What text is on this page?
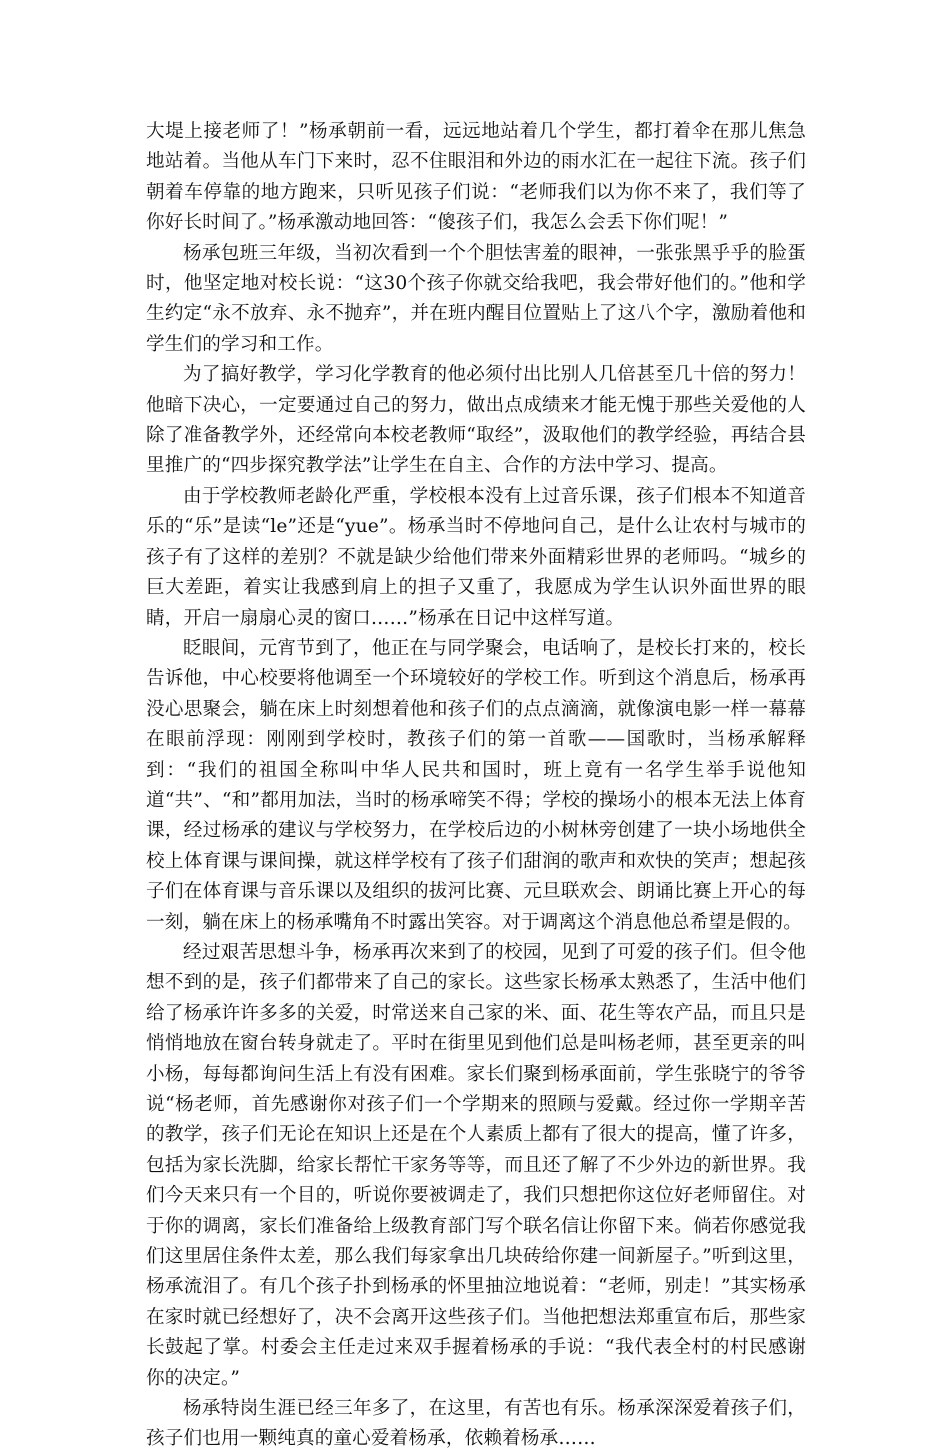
大堤上接老师了！”杨承朝前一看，远远地站着几个学生，都打着伞在那儿焦急地站着。当他从车门下来时，忍不住眼泪和外边的雨水汇在一起往下流。孩子们朝着车停靠的地方跑来，只听见孩子们说：“老师我们以为你不来了，我们等了你好长时间了。”杨承激动地回答：“傻孩子们，我怎么会丢下你们呢！”

杨承包班三年级，当初次看到一个个胆怯害羞的眼神，一张张黑乎乎的脸蛋时，他坚定地对校长说：“这30个孩子你就交给我吧，我会带好他们的。”他和学生约定“永不放弃、永不抛弃”，并在班内醒目位置贴上了这八个字，激励着他和学生们的学习和工作。

为了搞好教学，学习化学教育的他必须付出比别人几倍甚至几十倍的努力！他暗下决心，一定要通过自己的努力，做出点成绩来才能无愧于那些关爱他的人除了准备教学外，还经常向本校老教师“取经”，汲取他们的教学经验，再结合县里推广的“四步探究教学法”让学生在自主、合作的方法中学习、提高。

由于学校教师老龄化严重，学校根本没有上过音乐课，孩子们根本不知道音乐的“乐”是读“le”还是“yue”。杨承当时不停地问自己，是什么让农村与城市的孩子有了这样的差别？不就是缺少给他们带来外面精彩世界的老师吗。“城乡的巨大差距，着实让我感到肩上的担子又重了，我愿成为学生认识外面世界的眼睛，开启一扇扇心灵的窗口……”杨承在日记中这样写道。

眨眼间，元宵节到了，他正在与同学聚会，电话响了，是校长打来的，校长告诉他，中心校要将他调至一个环境较好的学校工作。听到这个消息后，杨承再没心思聚会，躺在床上时刻想着他和孩子们的点点滴滴，就像演电影一样一幕幕在眼前浮现：刚刚到学校时，教孩子们的第一首歌——国歌时，当杨承解释到：“我们的祖国全称叫中华人民共和国时，班上竟有一名学生举手说他知道“共”、“和”都用加法，当时的杨承啼笑不得；学校的操场小的根本无法上体育课，经过杨承的建议与学校努力，在学校后边的小树林旁创建了一块小场地供全校上体育课与课间操，就这样学校有了孩子们甜润的歌声和欢快的笑声；想起孩子们在体育课与音乐课以及组织的拔河比赛、元旦联欢会、朗诵比赛上开心的每一刻，躺在床上的杨承嘴角不时露出笑容。对于调离这个消息他总希望是假的。

经过艰苦思想斗争，杨承再次来到了的校园，见到了可爱的孩子们。但令他想不到的是，孩子们都带来了自己的家长。这些家长杨承太熟悉了，生活中他们给了杨承许许多多的关爱，时常送来自己家的米、面、花生等农产品，而且只是悄悄地放在窗台转身就走了。平时在街里见到他们总是叫杨老师，甚至更亲的叫小杨，每每都询问生活上有没有困难。家长们聚到杨承面前，学生张晓宁的爷爷说“杨老师，首先感谢你对孩子们一个学期来的照顾与爱戴。经过你一学期辛苦的教学，孩子们无论在知识上还是在个人素质上都有了很大的提高，懂了许多，包括为家长洗脚，给家长帮忙干家务等等，而且还了解了不少外边的新世界。我们今天来只有一个目的，听说你要被调走了，我们只想把你这位好老师留住。对于你的调离，家长们准备给上级教育部门写个联名信让你留下来。倘若你感觉我们这里居住条件太差，那么我们每家拿出几块砖给你建一间新屋子。”听到这里，杨承流泪了。有几个孩子扑到杨承的怀里抽泣地说着：“老师，别走！”其实杨承在家时就已经想好了，决不会离开这些孩子们。当他把想法郑重宣布后，那些家长鼓起了掌。村委会主任走过来双手握着杨承的手说：“我代表全村的村民感谢你的决定。”

杨承特岗生涯已经三年多了，在这里，有苦也有乐。杨承深深爱着孩子们，孩子们也用一颗纯真的童心爱着杨承，依赖着杨承……
